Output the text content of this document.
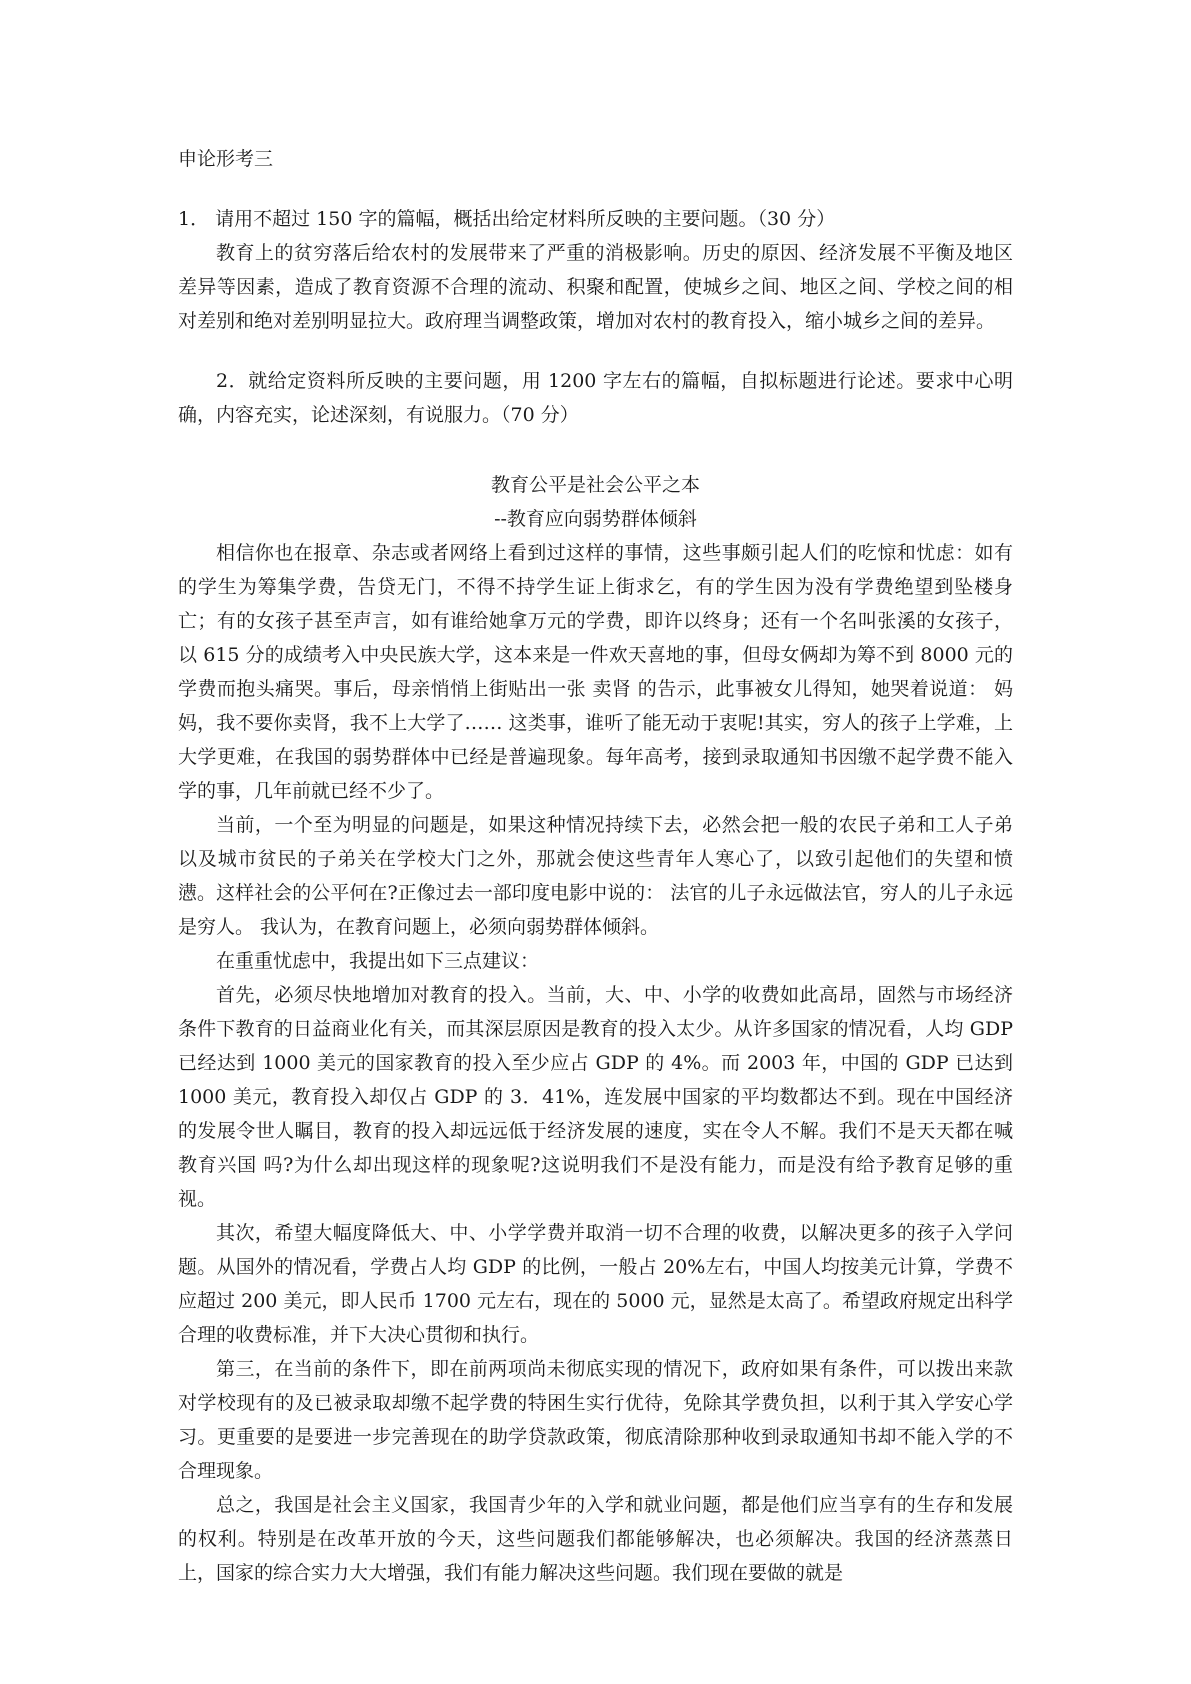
申论形考三

1． 请用不超过 150 字的篇幅，概括出给定材料所反映的主要问题。（30 分）

教育上的贫穷落后给农村的发展带来了严重的消极影响。历史的原因、经济发展不平衡及地区差异等因素，造成了教育资源不合理的流动、积聚和配置，使城乡之间、地区之间、学校之间的相对差别和绝对差别明显拉大。政府理当调整政策，增加对农村的教育投入，缩小城乡之间的差异。

2．就给定资料所反映的主要问题，用 1200 字左右的篇幅，自拟标题进行论述。要求中心明确，内容充实，论述深刻，有说服力。（70 分）

教育公平是社会公平之本

--教育应向弱势群体倾斜

相信你也在报章、杂志或者网络上看到过这样的事情，这些事颇引起人们的吃惊和忧虑：如有的学生为筹集学费，告贷无门，不得不持学生证上街求乞，有的学生因为没有学费绝望到坠楼身亡；有的女孩子甚至声言，如有谁给她拿万元的学费，即许以终身；还有一个名叫张溪的女孩子，以 615 分的成绩考入中央民族大学，这本来是一件欢天喜地的事，但母女俩却为筹不到 8000 元的学费而抱头痛哭。事后，母亲悄悄上街贴出一张 卖肾 的告示，此事被女儿得知，她哭着说道： 妈妈，我不要你卖肾，我不上大学了…… 这类事，谁听了能无动于衷呢!其实，穷人的孩子上学难，上大学更难，在我国的弱势群体中已经是普遍现象。每年高考，接到录取通知书因缴不起学费不能入学的事，几年前就已经不少了。

当前，一个至为明显的问题是，如果这种情况持续下去，必然会把一般的农民子弟和工人子弟以及城市贫民的子弟关在学校大门之外，那就会使这些青年人寒心了，以致引起他们的失望和愤懑。这样社会的公平何在?正像过去一部印度电影中说的： 法官的儿子永远做法官，穷人的儿子永远是穷人。 我认为，在教育问题上，必须向弱势群体倾斜。

在重重忧虑中，我提出如下三点建议：

首先，必须尽快地增加对教育的投入。当前，大、中、小学的收费如此高昂，固然与市场经济条件下教育的日益商业化有关，而其深层原因是教育的投入太少。从许多国家的情况看，人均 GDP 已经达到 1000 美元的国家教育的投入至少应占 GDP 的 4%。而 2003 年，中国的 GDP 已达到 1000 美元，教育投入却仅占 GDP 的 3．41%，连发展中国家的平均数都达不到。现在中国经济的发展令世人瞩目，教育的投入却远远低于经济发展的速度，实在令人不解。我们不是天天都在喊 教育兴国 吗?为什么却出现这样的现象呢?这说明我们不是没有能力，而是没有给予教育足够的重视。

其次，希望大幅度降低大、中、小学学费并取消一切不合理的收费，以解决更多的孩子入学问题。从国外的情况看，学费占人均 GDP 的比例，一般占 20%左右，中国人均按美元计算，学费不应超过 200 美元，即人民币 1700 元左右，现在的 5000 元，显然是太高了。希望政府规定出科学合理的收费标准，并下大决心贯彻和执行。

第三，在当前的条件下，即在前两项尚未彻底实现的情况下，政府如果有条件，可以拨出来款对学校现有的及已被录取却缴不起学费的特困生实行优待，免除其学费负担，以利于其入学安心学习。更重要的是要进一步完善现在的助学贷款政策，彻底清除那种收到录取通知书却不能入学的不合理现象。

总之，我国是社会主义国家，我国青少年的入学和就业问题，都是他们应当享有的生存和发展的权利。特别是在改革开放的今天，这些问题我们都能够解决，也必须解决。我国的经济蒸蒸日上，国家的综合实力大大增强，我们有能力解决这些问题。我们现在要做的就是
